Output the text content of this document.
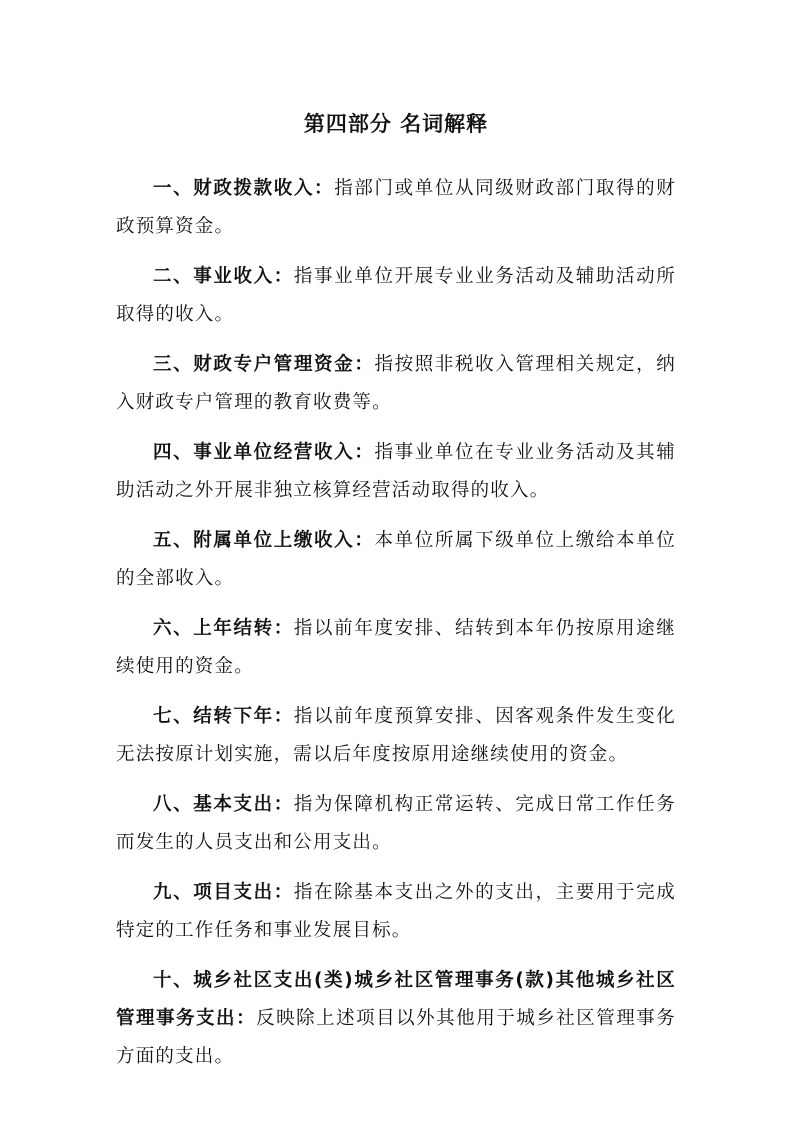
第四部分 名词解释

一、财政拨款收入：指部门或单位从同级财政部门取得的财政预算资金。

二、事业收入：指事业单位开展专业业务活动及辅助活动所取得的收入。

三、财政专户管理资金：指按照非税收入管理相关规定，纳入财政专户管理的教育收费等。

四、事业单位经营收入：指事业单位在专业业务活动及其辅助活动之外开展非独立核算经营活动取得的收入。

五、附属单位上缴收入：本单位所属下级单位上缴给本单位的全部收入。

六、上年结转：指以前年度安排、结转到本年仍按原用途继续使用的资金。

七、结转下年：指以前年度预算安排、因客观条件发生变化无法按原计划实施，需以后年度按原用途继续使用的资金。

八、基本支出：指为保障机构正常运转、完成日常工作任务而发生的人员支出和公用支出。

九、项目支出：指在除基本支出之外的支出，主要用于完成特定的工作任务和事业发展目标。

十、城乡社区支出(类)城乡社区管理事务(款)其他城乡社区管理事务支出：反映除上述项目以外其他用于城乡社区管理事务方面的支出。
